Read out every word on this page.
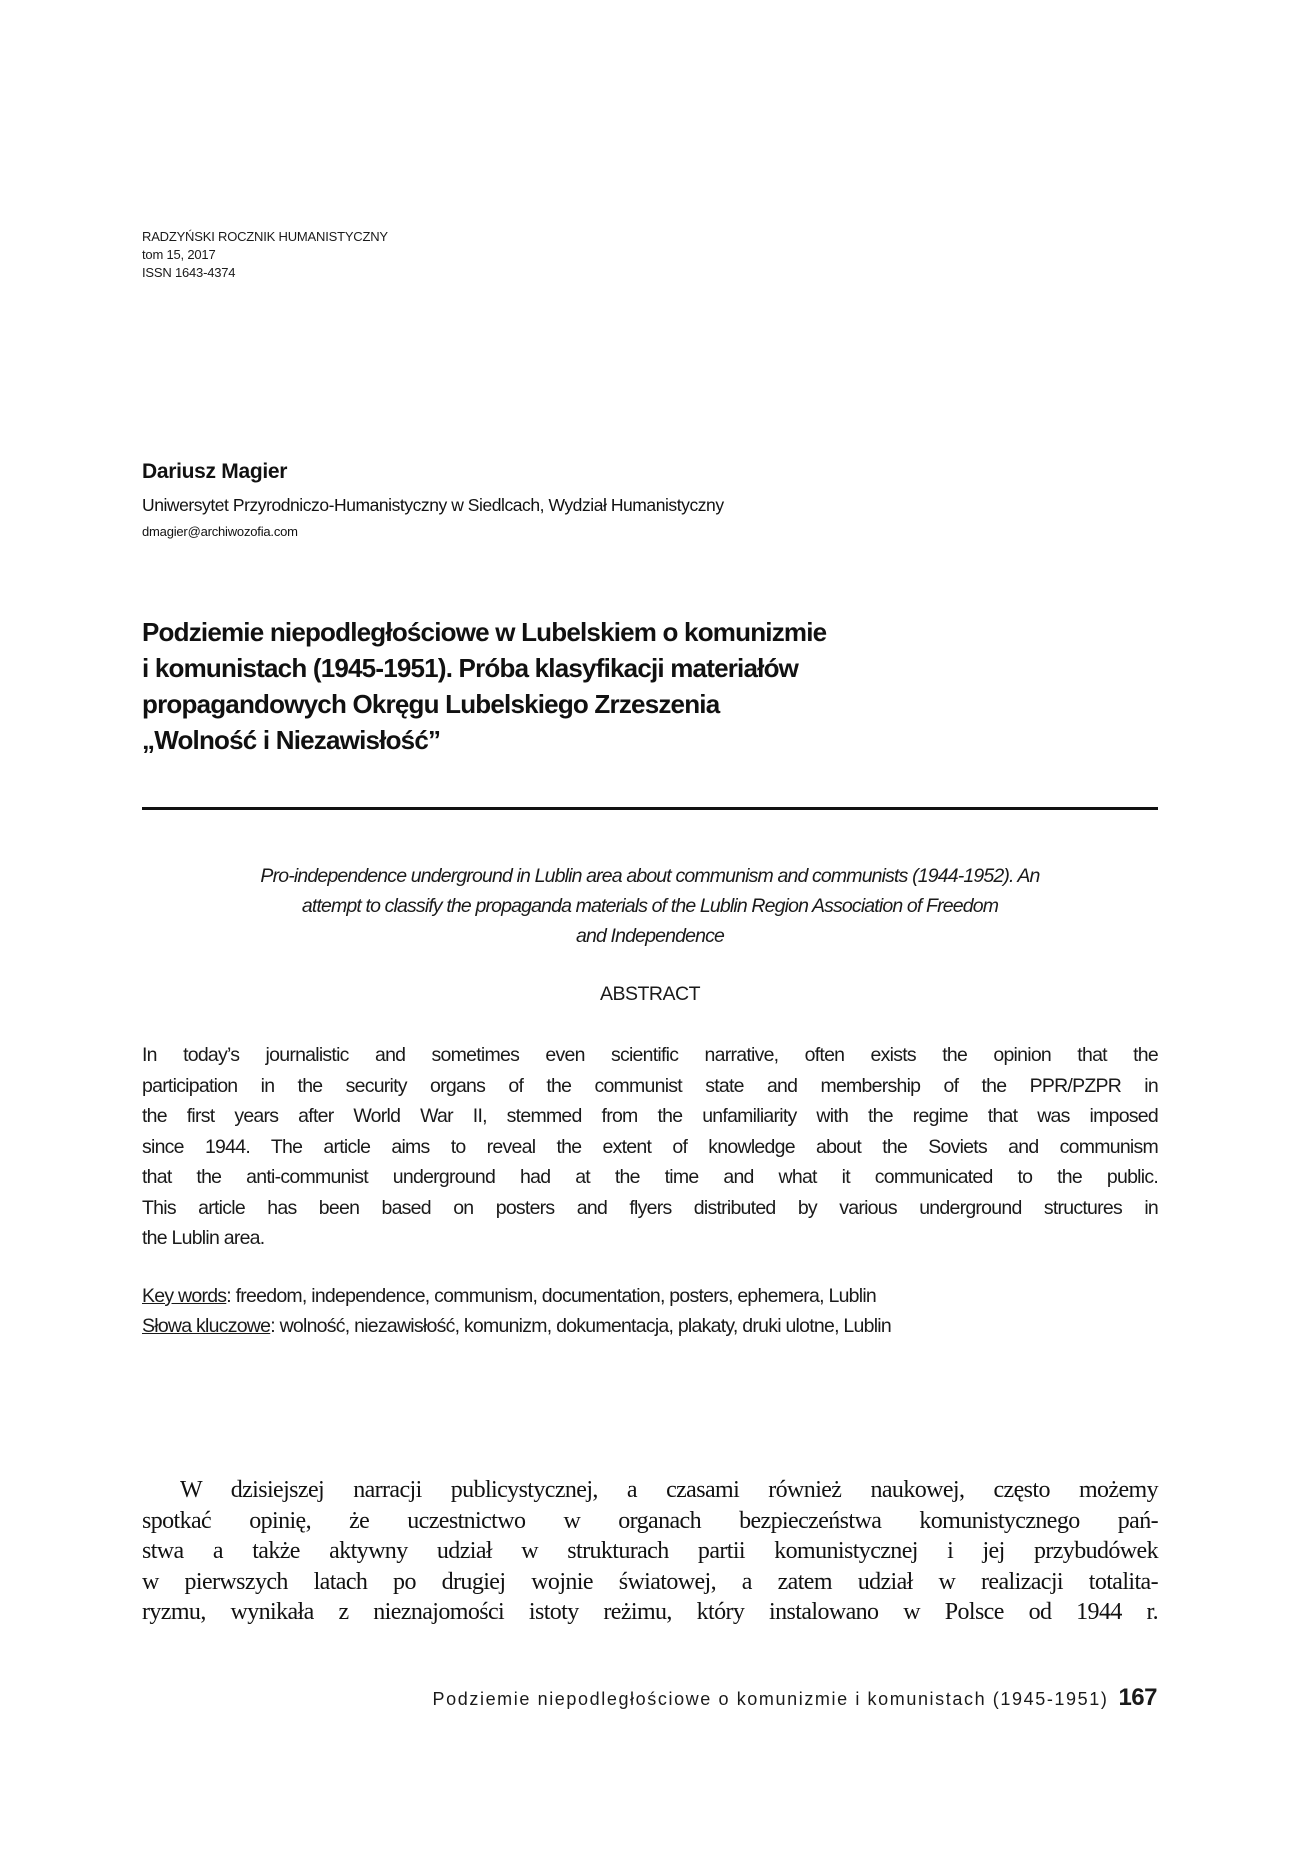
RADZYŃSKI ROCZNIK HUMANISTYCZNY
tom 15, 2017
ISSN 1643-4374
Dariusz Magier
Uniwersytet Przyrodniczo-Humanistyczny w Siedlcach, Wydział Humanistyczny
dmagier@archiwozofia.com
Podziemie niepodległościowe w Lubelskiem o komunizmie
i komunistach (1945-1951). Próba klasyfikacji materiałów
propagandowych Okręgu Lubelskiego Zrzeszenia
„Wolność i Niezawisłość”
Pro-independence underground in Lublin area about communism and communists (1944-1952). An
attempt to classify the propaganda materials of the Lublin Region Association of Freedom
and Independence
ABSTRACT
In today’s journalistic and sometimes even scientific narrative, often exists the opinion that the
participation in the security organs of the communist state and membership of the PPR/PZPR in
the first years after World War II, stemmed from the unfamiliarity with the regime that was imposed
since 1944. The article aims to reveal the extent of knowledge about the Soviets and communism
that the anti-communist underground had at the time and what it communicated to the public.
This article has been based on posters and flyers distributed by various underground structures in
the Lublin area.
Key words: freedom, independence, communism, documentation, posters, ephemera, Lublin
Słowa kluczowe: wolność, niezawisłość, komunizm, dokumentacja, plakaty, druki ulotne, Lublin
W dzisiejszej narracji publicystycznej, a czasami również naukowej, często możemy
spotkać opinię, że uczestnictwo w organach bezpieczeństwa komunistycznego pań-
stwa a także aktywny udział w strukturach partii komunistycznej i jej przybudówek
w pierwszych latach po drugiej wojnie światowej, a zatem udział w realizacji totalita-
ryzmu, wynikała z nieznajomości istoty reżimu, który instalowano w Polsce od 1944 r.
Podziemie niepodległościowe o komunizmie i komunistach (1945-1951) 167
